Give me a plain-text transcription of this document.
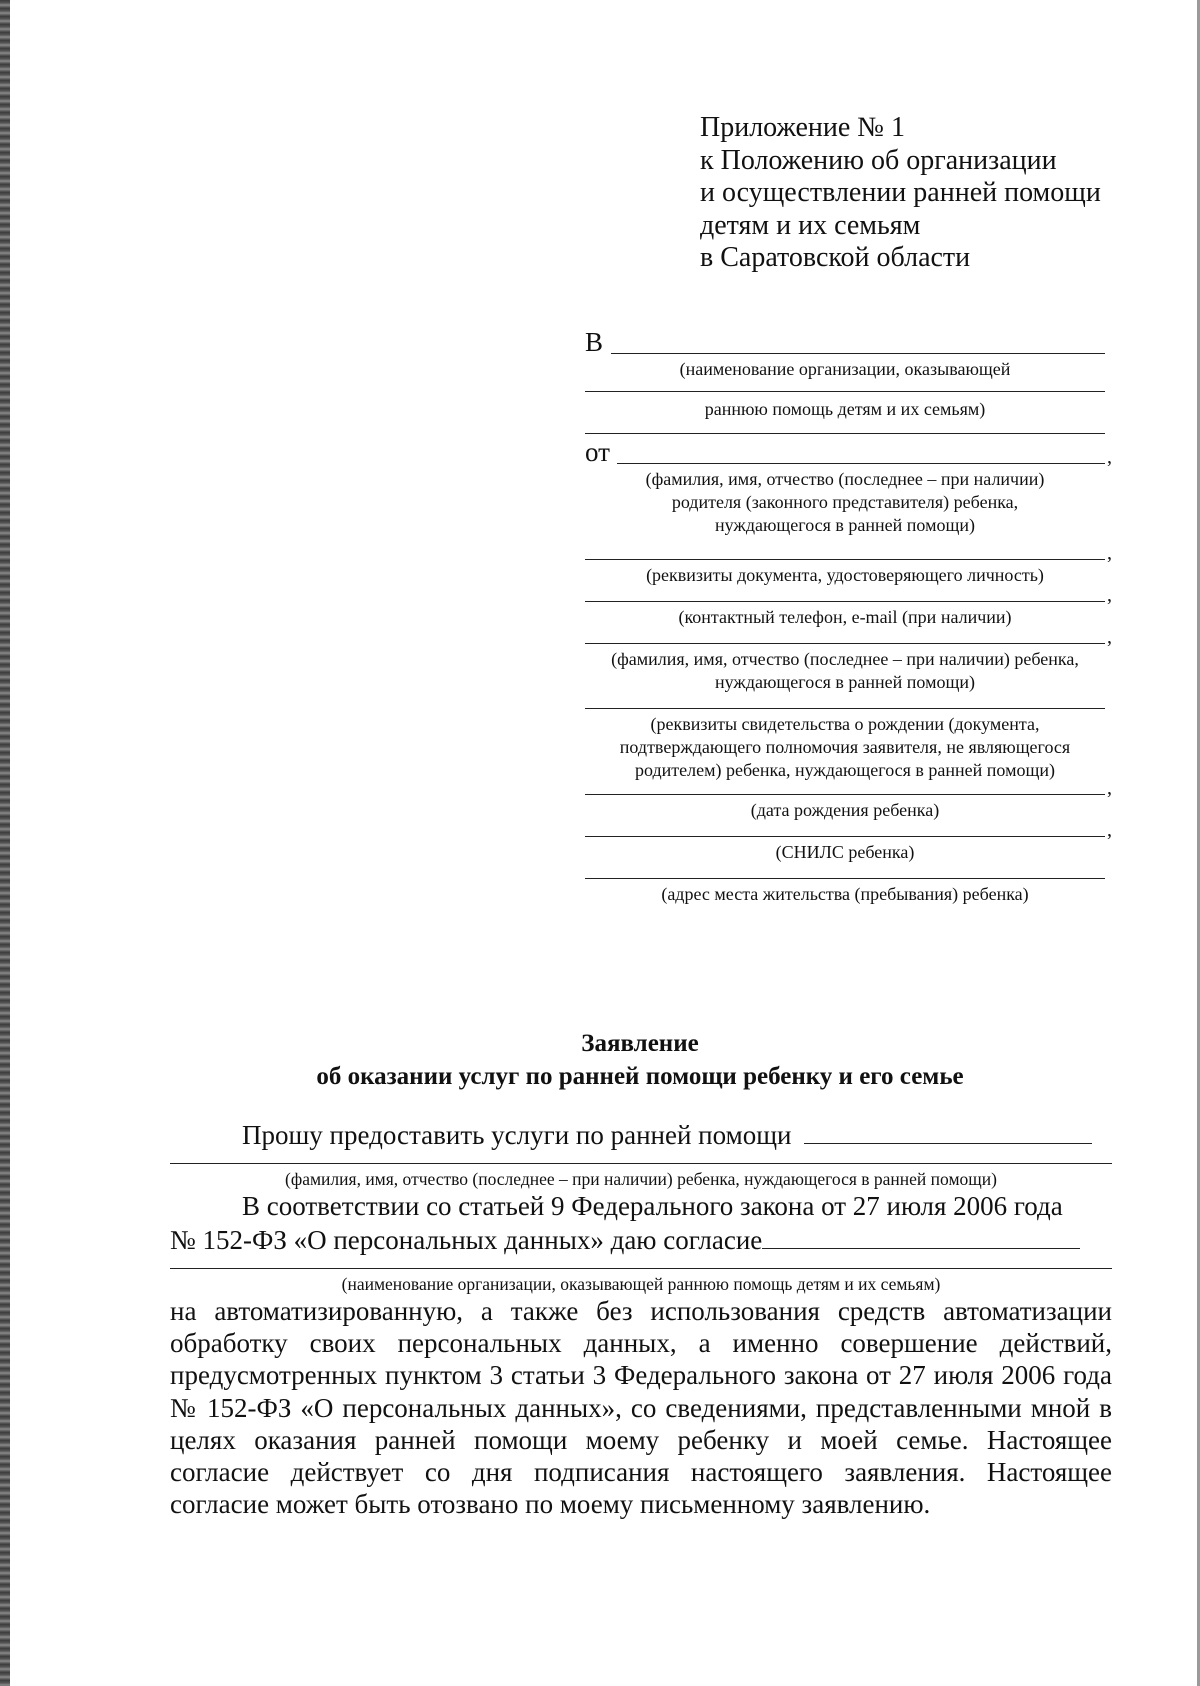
Приложение № 1
к Положению об организации
и осуществлении ранней помощи
детям и их семьям
в Саратовской области
В
(наименование организации, оказывающей
раннюю помощь детям и их семьям)
от
,
(фамилия, имя, отчество (последнее – при наличии)
родителя (законного представителя) ребенка,
нуждающегося в ранней помощи)
,
(реквизиты документа, удостоверяющего личность)
,
(контактный телефон, e-mail (при наличии)
,
(фамилия, имя, отчество (последнее – при наличии) ребенка,
нуждающегося в ранней помощи)
(реквизиты свидетельства о рождении (документа,
подтверждающего полномочия заявителя, не являющегося
родителем) ребенка, нуждающегося в ранней помощи)
,
(дата рождения ребенка)
,
(СНИЛС ребенка)
(адрес места жительства (пребывания) ребенка)
Заявление
об оказании услуг по ранней помощи ребенку и его семье
Прошу предоставить услуги по ранней помощи
(фамилия, имя, отчество (последнее – при наличии) ребенка, нуждающегося в ранней помощи)
В соответствии со статьей 9 Федерального закона от 27 июля 2006 года
№ 152-ФЗ «О персональных данных» даю согласие
(наименование организации, оказывающей раннюю помощь детям и их семьям)
на автоматизированную, а также без использования средств автоматизации обработку своих персональных данных, а именно совершение действий, предусмотренных пунктом 3 статьи 3 Федерального закона от 27 июля 2006 года № 152-ФЗ «О персональных данных», со сведениями, представленными мной в целях оказания ранней помощи моему ребенку и моей семье. Настоящее согласие действует со дня подписания настоящего заявления. Настоящее согласие может быть отозвано по моему письменному заявлению.
